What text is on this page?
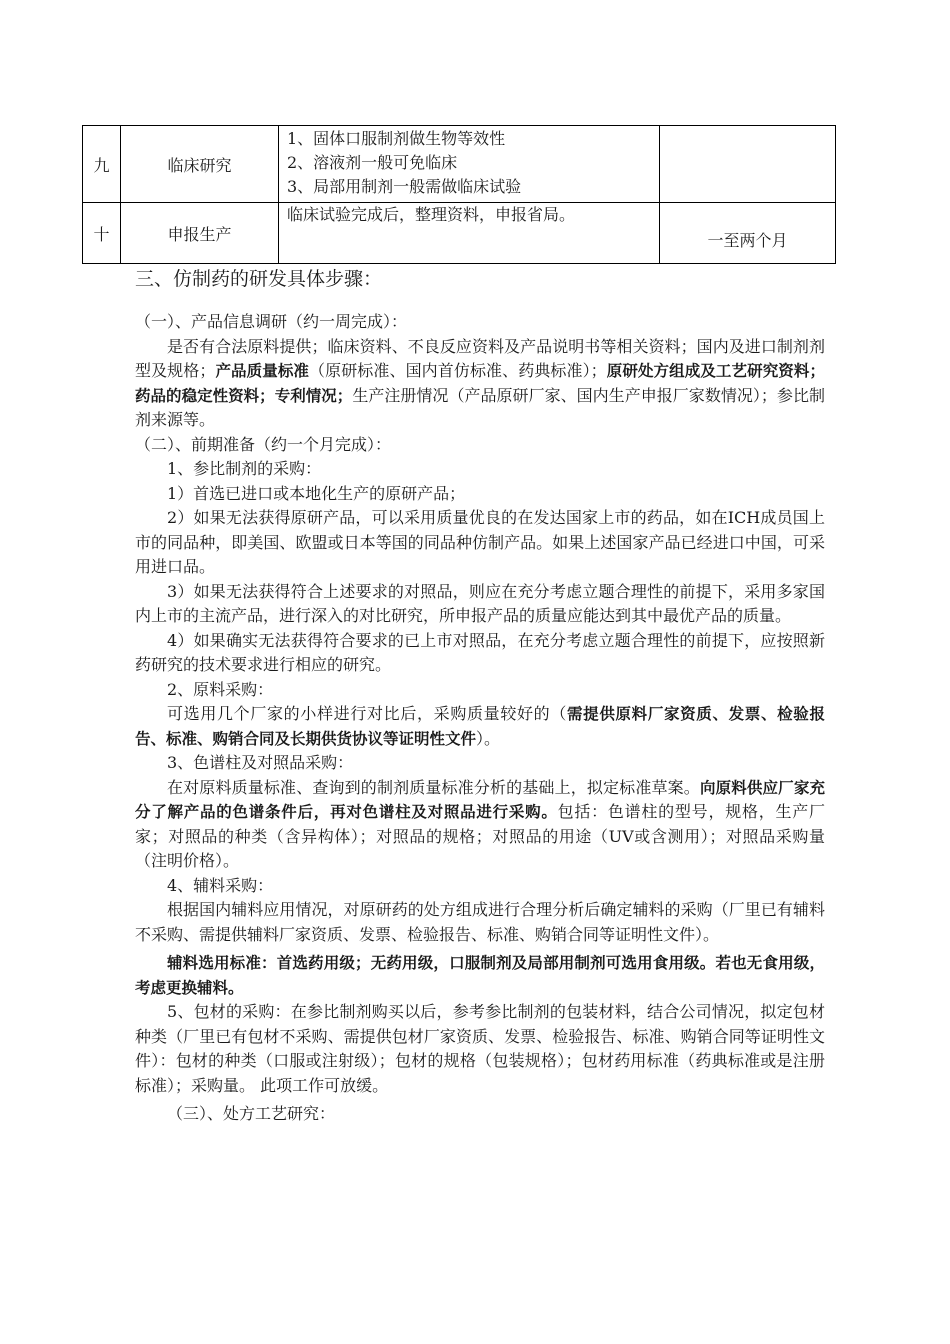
九	临床研究	1、固体口服制剂做生物等效性
2、溶液剂一般可免临床
3、局部用制剂一般需做临床试验	

十	申报生产	临床试验完成后，整理资料，申报省局。	一至两个月
三、仿制药的研发具体步骤：

（一）、产品信息调研（约一周完成）：

是否有合法原料提供；临床资料、不良反应资料及产品说明书等相关资料；国内及进口制剂剂型及规格；产品质量标准（原研标准、国内首仿标准、药典标准）；原研处方组成及工艺研究资料；药品的稳定性资料；专利情况；生产注册情况（产品原研厂家、国内生产申报厂家数情况）；参比制剂来源等。

（二）、前期准备（约一个月完成）：

1、参比制剂的采购：

1）首选已进口或本地化生产的原研产品；

2）如果无法获得原研产品，可以采用质量优良的在发达国家上市的药品，如在ICH成员国上市的同品种，即美国、欧盟或日本等国的同品种仿制产品。如果上述国家产品已经进口中国，可采用进口品。

3）如果无法获得符合上述要求的对照品，则应在充分考虑立题合理性的前提下，采用多家国内上市的主流产品，进行深入的对比研究，所申报产品的质量应能达到其中最优产品的质量。

4）如果确实无法获得符合要求的已上市对照品，在充分考虑立题合理性的前提下，应按照新药研究的技术要求进行相应的研究。

2、原料采购：

可选用几个厂家的小样进行对比后，采购质量较好的（需提供原料厂家资质、发票、检验报告、标准、购销合同及长期供货协议等证明性文件）。

3、色谱柱及对照品采购：

在对原料质量标准、查询到的制剂质量标准分析的基础上，拟定标准草案。向原料供应厂家充分了解产品的色谱条件后，再对色谱柱及对照品进行采购。包括：色谱柱的型号，规格，生产厂家；对照品的种类（含异构体）；对照品的规格；对照品的用途（UV或含测用）；对照品采购量（注明价格）。

4、辅料采购：

根据国内辅料应用情况，对原研药的处方组成进行合理分析后确定辅料的采购（厂里已有辅料不采购、需提供辅料厂家资质、发票、检验报告、标准、购销合同等证明性文件）。

辅料选用标准：首选药用级；无药用级，口服制剂及局部用制剂可选用食用级。若也无食用级，考虑更换辅料。

5、包材的采购：在参比制剂购买以后，参考参比制剂的包装材料，结合公司情况，拟定包材种类（厂里已有包材不采购、需提供包材厂家资质、发票、检验报告、标准、购销合同等证明性文件）：包材的种类（口服或注射级）；包材的规格（包装规格）；包材药用标准（药典标准或是注册标准）；采购量。 此项工作可放缓。

（三）、处方工艺研究：
